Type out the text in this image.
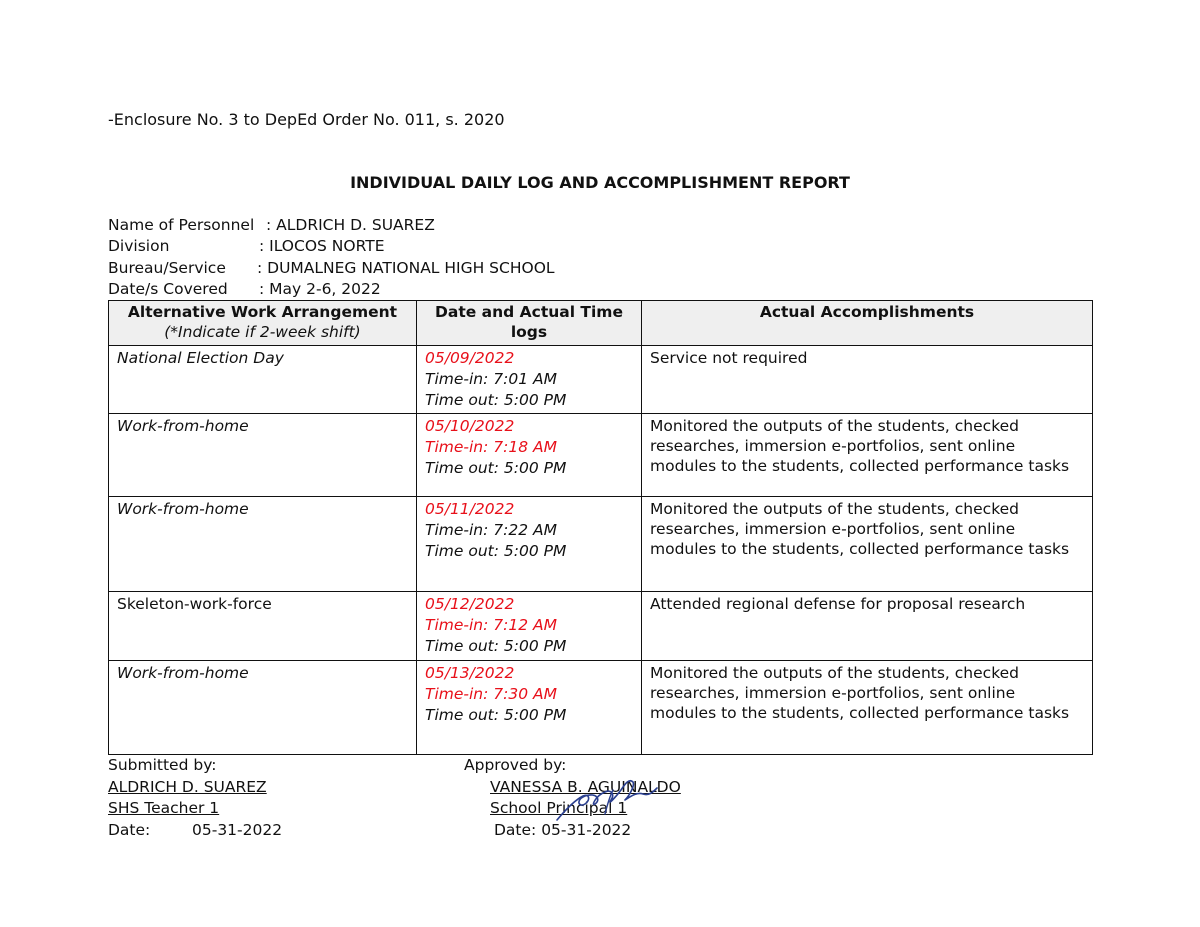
-Enclosure No. 3 to DepEd Order No. 011, s. 2020
INDIVIDUAL DAILY LOG AND ACCOMPLISHMENT REPORT
Name of Personnel : ALDRICH D. SUAREZ
Division	: ILOCOS NORTE
Bureau/Service : DUMALNEG NATIONAL HIGH SCHOOL
Date/s Covered : May 2-6, 2022
Alternative Work Arrangement
(*Indicate if 2-week shift)	Date and Actual Time logs	Actual Accomplishments
National Election Day	05/09/2022
Time-in: 7:01 AM
Time out: 5:00 PM	Service not required
Work-from-home	05/10/2022
Time-in: 7:18 AM
Time out: 5:00 PM	Monitored the outputs of the students, checked researches, immersion e-portfolios, sent online modules to the students, collected performance tasks
Work-from-home	05/11/2022
Time-in: 7:22 AM
Time out: 5:00 PM	Monitored the outputs of the students, checked researches, immersion e-portfolios, sent online modules to the students, collected performance tasks
Skeleton-work-force	05/12/2022
Time-in: 7:12 AM
Time out: 5:00 PM	Attended regional defense for proposal research
Work-from-home	05/13/2022
Time-in: 7:30 AM
Time out: 5:00 PM	Monitored the outputs of the students, checked researches, immersion e-portfolios, sent online modules to the students, collected performance tasks
Submitted by:
ALDRICH D. SUAREZ
SHS Teacher 1
Date:	05-31-2022
Approved by:
VANESSA B. AGUINALDO
School Principal 1
Date: 05-31-2022
